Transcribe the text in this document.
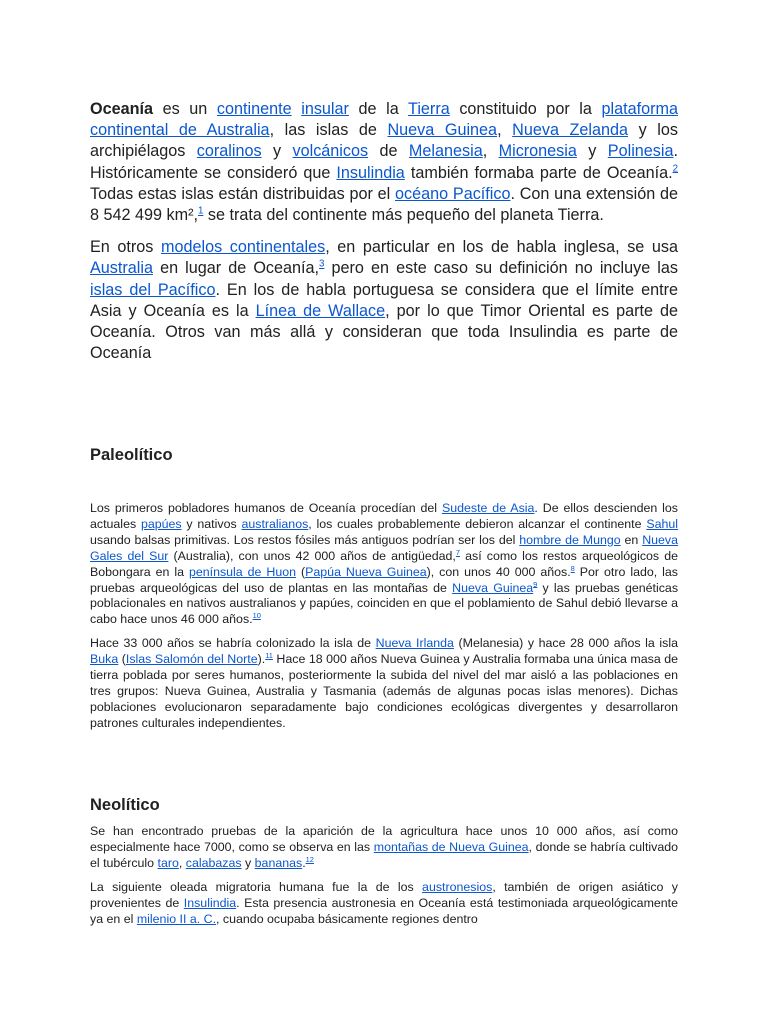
Oceanía es un continente insular de la Tierra constituido por la plataforma continental de Australia, las islas de Nueva Guinea, Nueva Zelanda y los archipiélagos coralinos y volcánicos de Melanesia, Micronesia y Polinesia. Históricamente se consideró que Insulindia también formaba parte de Oceanía.$^2$ Todas estas islas están distribuidas por el océano Pacífico. Con una extensión de 8 542 499 km²,$^1$ se trata del continente más pequeño del planeta Tierra.

En otros modelos continentales, en particular en los de habla inglesa, se usa Australia en lugar de Oceanía,$^3$ pero en este caso su definición no incluye las islas del Pacífico. En los de habla portuguesa se considera que el límite entre Asia y Oceanía es la Línea de Wallace, por lo que Timor Oriental es parte de Oceanía. Otros van más allá y consideran que toda Insulindia es parte de Oceanía

Paleolítico

Los primeros pobladores humanos de Oceanía procedían del Sudeste de Asia. De ellos descienden los actuales papúes y nativos australianos, los cuales probablemente debieron alcanzar el continente Sahul usando balsas primitivas. Los restos fósiles más antiguos podrían ser los del hombre de Mungo en Nueva Gales del Sur (Australia), con unos 42 000 años de antigüedad,$^7$ así como los restos arqueológicos de Bobongara en la península de Huon (Papúa Nueva Guinea), con unos 40 000 años.$^8$ Por otro lado, las pruebas arqueológicas del uso de plantas en las montañas de Nueva Guinea$^9$ y las pruebas genéticas poblacionales en nativos australianos y papúes, coinciden en que el poblamiento de Sahul debió llevarse a cabo hace unos 46 000 años.$^{10}$

Hace 33 000 años se habría colonizado la isla de Nueva Irlanda (Melanesia) y hace 28 000 años la isla Buka (Islas Salomón del Norte).$^{11}$ Hace 18 000 años Nueva Guinea y Australia formaba una única masa de tierra poblada por seres humanos, posteriormente la subida del nivel del mar aisló a las poblaciones en tres grupos: Nueva Guinea, Australia y Tasmania (además de algunas pocas islas menores). Dichas poblaciones evolucionaron separadamente bajo condiciones ecológicas divergentes y desarrollaron patrones culturales independientes.

Neolítico

Se han encontrado pruebas de la aparición de la agricultura hace unos 10 000 años, así como especialmente hace 7000, como se observa en las montañas de Nueva Guinea, donde se habría cultivado el tubérculo taro, calabazas y bananas.$^{12}$

La siguiente oleada migratoria humana fue la de los austronesios, también de origen asiático y provenientes de Insulindia. Esta presencia austronesia en Oceanía está testimoniada arqueológicamente ya en el milenio II a. C., cuando ocupaba básicamente regiones dentro
